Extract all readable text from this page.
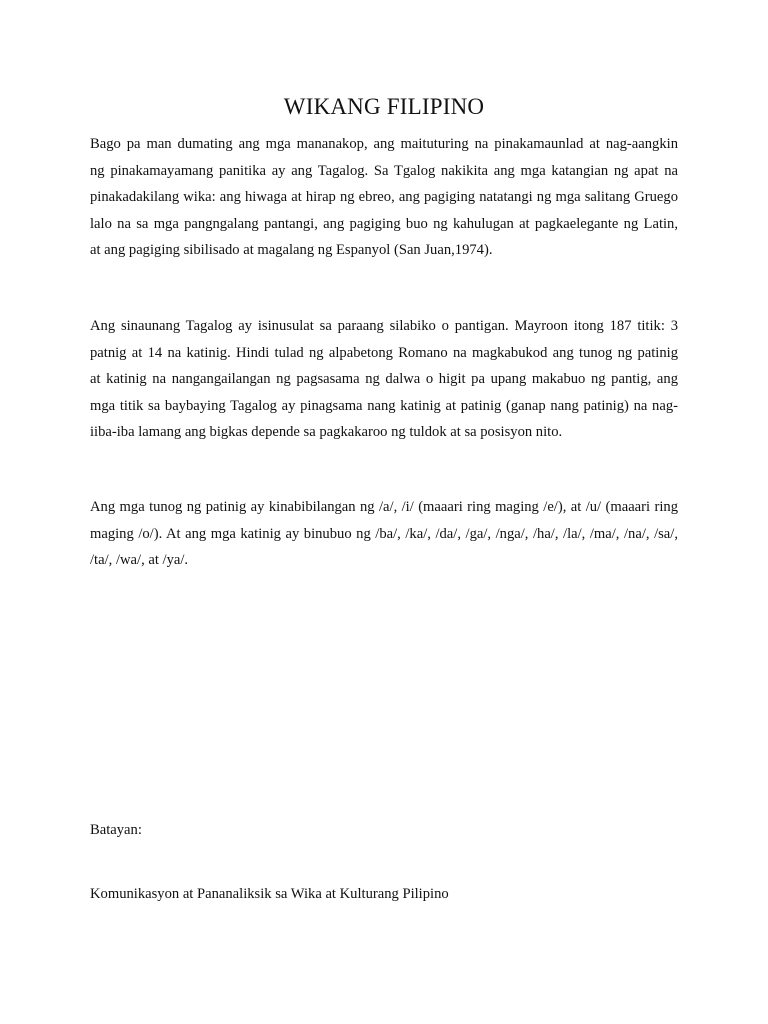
WIKANG FILIPINO

Bago pa man dumating ang mga mananakop, ang maituturing na pinakamaunlad at nag-aangkin
ng pinakamayamang panitika ay ang Tagalog. Sa Tgalog nakikita ang mga katangian ng apat na
pinakadakilang wika: ang hiwaga at hirap ng ebreo, ang pagiging natatangi ng mga salitang Gruego
lalo na sa mga pangngalang pantangi, ang pagiging buo ng kahulugan at pagkaelegante ng Latin,
at ang pagiging sibilisado at magalang ng Espanyol (San Juan,1974).

Ang sinaunang Tagalog ay isinusulat sa paraang silabiko o pantigan. Mayroon itong 187 titik: 3
patnig at 14 na katinig. Hindi tulad ng alpabetong Romano na magkabukod ang tunog ng patinig
at katinig na nangangailangan ng pagsasama ng dalwa o higit pa upang makabuo ng pantig, ang
mga titik sa baybaying Tagalog ay pinagsama nang katinig at patinig (ganap nang patinig) na nag-
iiba-iba lamang ang bigkas depende sa pagkakaroo ng tuldok at sa posisyon nito.

Ang mga tunog ng patinig ay kinabibilangan ng /a/, /i/ (maaari ring maging /e/), at /u/ (maaari ring
maging /o/). At ang mga katinig ay binubuo ng /ba/, /ka/, /da/, /ga/, /nga/, /ha/, /la/, /ma/, /na/, /sa/,
/ta/, /wa/, at /ya/.

Batayan:

Komunikasyon at Pananaliksik sa Wika at Kulturang Pilipino
